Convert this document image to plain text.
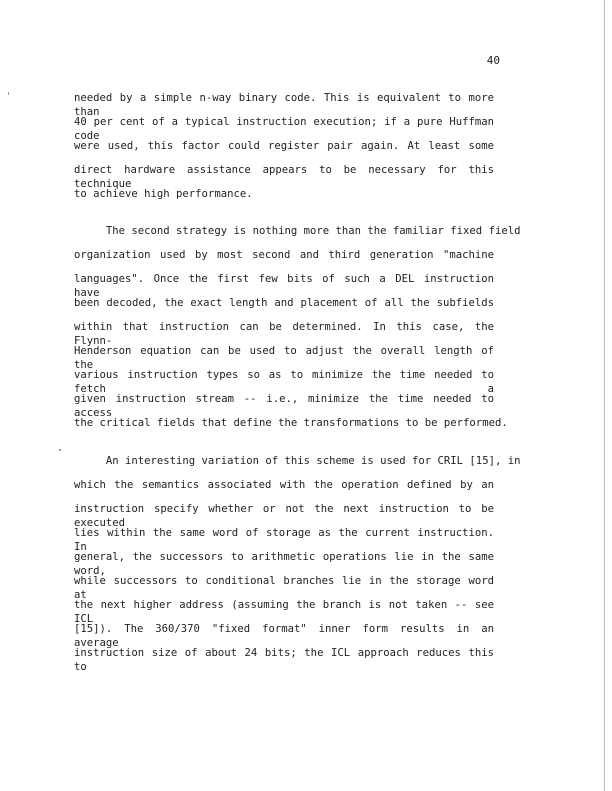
40
needed by a simple n-way binary code. This is equivalent to more than
40 per cent of a typical instruction execution; if a pure Huffman code
were used, this factor could register pair again. At least some
direct hardware assistance appears to be necessary for this technique
to achieve high performance.
The second strategy is nothing more than the familiar fixed field
organization used by most second and third generation "machine
languages". Once the first few bits of such a DEL instruction have
been decoded, the exact length and placement of all the subfields
within that instruction can be determined. In this case, the Flynn-
Henderson equation can be used to adjust the overall length of the
various instruction types so as to minimize the time needed to fetch a
given instruction stream -- i.e., minimize the time needed to access
the critical fields that define the transformations to be performed.
An interesting variation of this scheme is used for CRIL [15], in
which the semantics associated with the operation defined by an
instruction specify whether or not the next instruction to be executed
lies within the same word of storage as the current instruction. In
general, the successors to arithmetic operations lie in the same word,
while successors to conditional branches lie in the storage word at
the next higher address (assuming the branch is not taken -- see ICL
[15]). The 360/370 "fixed format" inner form results in an average
instruction size of about 24 bits; the ICL approach reduces this to
